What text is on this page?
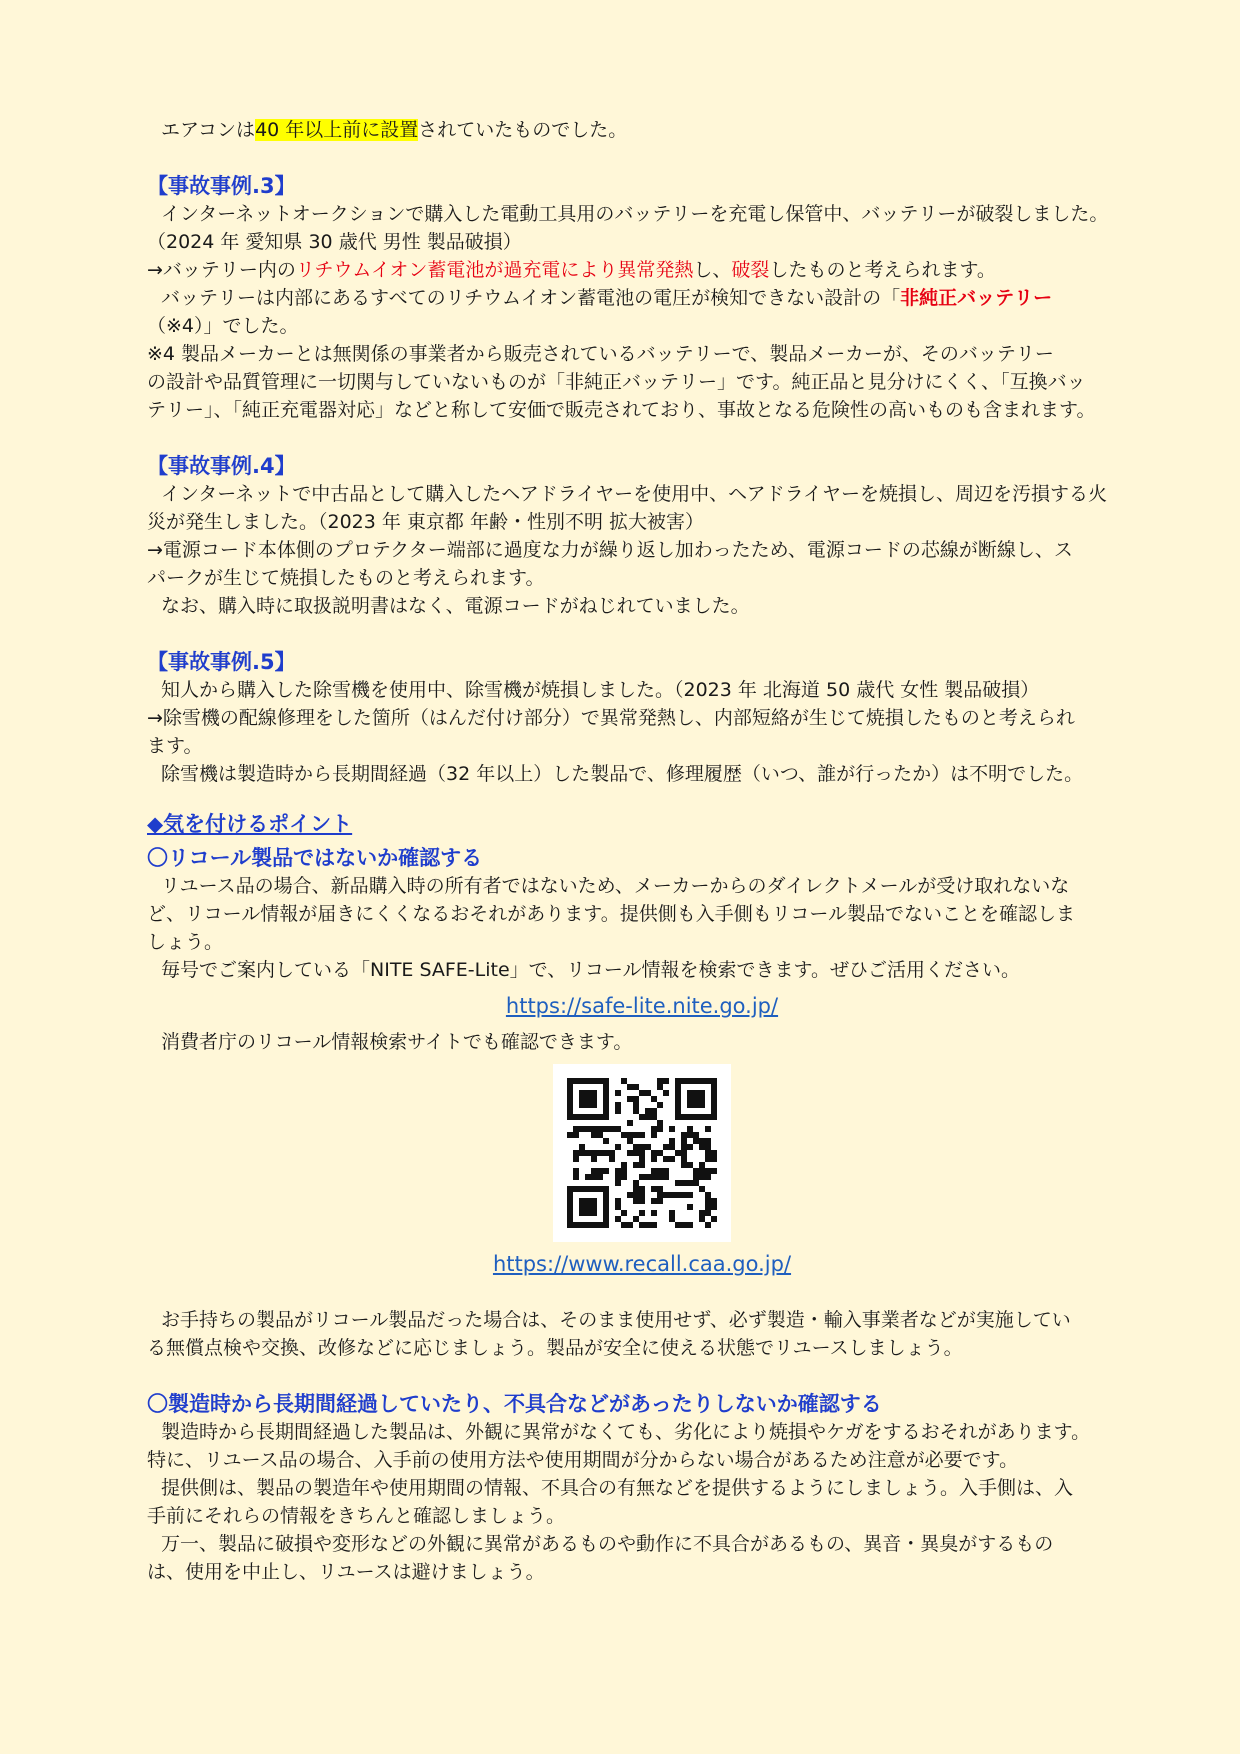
エアコンは40 年以上前に設置されていたものでした。
【事故事例.3】
インターネットオークションで購入した電動工具用のバッテリーを充電し保管中、バッテリーが破裂しました。
（2024 年 愛知県 30 歳代 男性 製品破損）
→バッテリー内のリチウムイオン蓄電池が過充電により異常発熱し、破裂したものと考えられます。
バッテリーは内部にあるすべてのリチウムイオン蓄電池の電圧が検知できない設計の「非純正バッテリー
（※4）」でした。
※4 製品メーカーとは無関係の事業者から販売されているバッテリーで、製品メーカーが、そのバッテリー
の設計や品質管理に一切関与していないものが「非純正バッテリー」です。純正品と見分けにくく、「互換バッ
テリー」、「純正充電器対応」などと称して安価で販売されており、事故となる危険性の高いものも含まれます。
【事故事例.4】
インターネットで中古品として購入したヘアドライヤーを使用中、ヘアドライヤーを焼損し、周辺を汚損する火
災が発生しました。（2023 年 東京都 年齢・性別不明 拡大被害）
→電源コード本体側のプロテクター端部に過度な力が繰り返し加わったため、電源コードの芯線が断線し、ス
パークが生じて焼損したものと考えられます。
なお、購入時に取扱説明書はなく、電源コードがねじれていました。
【事故事例.5】
知人から購入した除雪機を使用中、除雪機が焼損しました。（2023 年 北海道 50 歳代 女性 製品破損）
→除雪機の配線修理をした箇所（はんだ付け部分）で異常発熱し、内部短絡が生じて焼損したものと考えられ
ます。
除雪機は製造時から長期間経過（32 年以上）した製品で、修理履歴（いつ、誰が行ったか）は不明でした。
◆気を付けるポイント
〇リコール製品ではないか確認する
リユース品の場合、新品購入時の所有者ではないため、メーカーからのダイレクトメールが受け取れないな
ど、リコール情報が届きにくくなるおそれがあります。提供側も入手側もリコール製品でないことを確認しま
しょう。
毎号でご案内している「NITE SAFE-Lite」で、リコール情報を検索できます。ぜひご活用ください。
https://safe-lite.nite.go.jp/
消費者庁のリコール情報検索サイトでも確認できます。
https://www.recall.caa.go.jp/
お手持ちの製品がリコール製品だった場合は、そのまま使用せず、必ず製造・輸入事業者などが実施してい
る無償点検や交換、改修などに応じましょう。製品が安全に使える状態でリユースしましょう。
〇製造時から長期間経過していたり、不具合などがあったりしないか確認する
製造時から長期間経過した製品は、外観に異常がなくても、劣化により焼損やケガをするおそれがあります。
特に、リユース品の場合、入手前の使用方法や使用期間が分からない場合があるため注意が必要です。
提供側は、製品の製造年や使用期間の情報、不具合の有無などを提供するようにしましょう。入手側は、入
手前にそれらの情報をきちんと確認しましょう。
万一、製品に破損や変形などの外観に異常があるものや動作に不具合があるもの、異音・異臭がするもの
は、使用を中止し、リユースは避けましょう。
